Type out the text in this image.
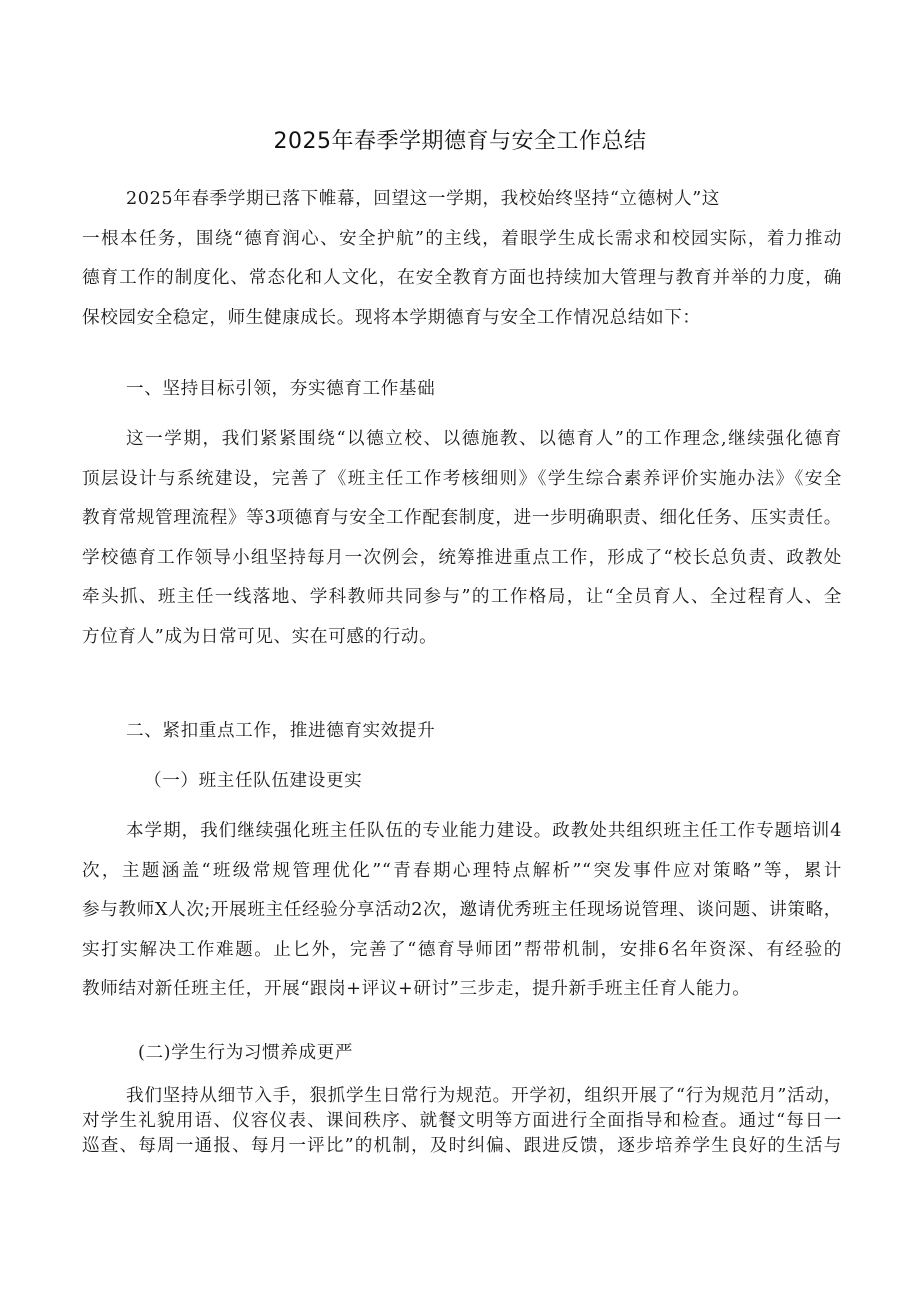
2025年春季学期德育与安全工作总结
2025年春季学期已落下帷幕，回望这一学期，我校始终坚持“立德树人”这
一根本任务，围绕“德育润心、安全护航”的主线，着眼学生成长需求和校园实际，着力推动
德育工作的制度化、常态化和人文化，在安全教育方面也持续加大管理与教育并举的力度，确
保校园安全稳定，师生健康成长。现将本学期德育与安全工作情况总结如下：
一、坚持目标引领，夯实德育工作基础
这一学期，我们紧紧围绕“以德立校、以德施教、以德育人”的工作理念,继续强化德育
顶层设计与系统建设，完善了《班主任工作考核细则》《学生综合素养评价实施办法》《安全
教育常规管理流程》等3项德育与安全工作配套制度，进一步明确职责、细化任务、压实责任。
学校德育工作领导小组坚持每月一次例会，统筹推进重点工作，形成了“校长总负责、政教处
牵头抓、班主任一线落地、学科教师共同参与”的工作格局，让“全员育人、全过程育人、全
方位育人”成为日常可见、实在可感的行动。
二、紧扣重点工作，推进德育实效提升
（一）班主任队伍建设更实
本学期，我们继续强化班主任队伍的专业能力建设。政教处共组织班主任工作专题培训4
次，主题涵盖“班级常规管理优化”“青春期心理特点解析”“突发事件应对策略”等，累计
参与教师X人次;开展班主任经验分享活动2次，邀请优秀班主任现场说管理、谈问题、讲策略，
实打实解决工作难题。止匕外，完善了“德育导师团”帮带机制，安排6名年资深、有经验的
教师结对新任班主任，开展“跟岗+评议+研讨”三步走，提升新手班主任育人能力。
(二)学生行为习惯养成更严
我们坚持从细节入手，狠抓学生日常行为规范。开学初，组织开展了“行为规范月”活动，
对学生礼貌用语、仪容仪表、课间秩序、就餐文明等方面进行全面指导和检查。通过“每日一
巡查、每周一通报、每月一评比”的机制，及时纠偏、跟进反馈，逐步培养学生良好的生活与
